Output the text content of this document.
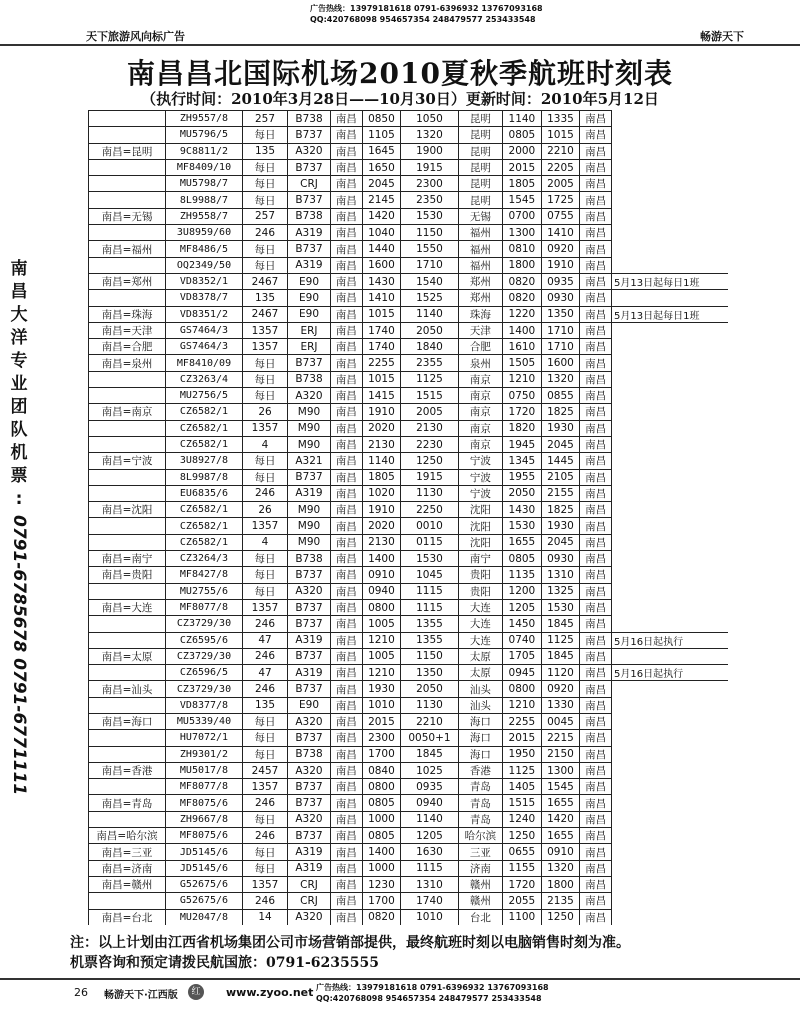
广告热线：13979181618 0791-6396932 13767093168
QQ:420768098 954657354 248479577 253433548
天下旅游风向标广告	畅游天下
南昌昌北国际机场2010夏秋季航班时刻表
（执行时间：2010年3月28日——10月30日）更新时间：2010年5月12日
南
昌
大
洋
专
业
团
队
机
票
:
0791-6785678 0791-6771111
	ZH9557/8	257	B738	南昌	0850	1050	昆明	1140	1335	南昌	
	MU5796/5	每日	B737	南昌	1105	1320	昆明	0805	1015	南昌	
南昌=昆明	9C8811/2	135	A320	南昌	1645	1900	昆明	2000	2210	南昌	
	MF8409/10	每日	B737	南昌	1650	1915	昆明	2015	2205	南昌	
	MU5798/7	每日	CRJ	南昌	2045	2300	昆明	1805	2005	南昌	
	8L9988/7	每日	B737	南昌	2145	2350	昆明	1545	1725	南昌	
南昌=无锡	ZH9558/7	257	B738	南昌	1420	1530	无锡	0700	0755	南昌	
	3U8959/60	246	A319	南昌	1040	1150	福州	1300	1410	南昌	
南昌=福州	MF8486/5	每日	B737	南昌	1440	1550	福州	0810	0920	南昌	
	OQ2349/50	每日	A319	南昌	1600	1710	福州	1800	1910	南昌	
南昌=郑州	VD8352/1	2467	E90	南昌	1430	1540	郑州	0820	0935	南昌	5月13日起每日1班
	VD8378/7	135	E90	南昌	1410	1525	郑州	0820	0930	南昌	
南昌=珠海	VD8351/2	2467	E90	南昌	1015	1140	珠海	1220	1350	南昌	5月13日起每日1班
南昌=天津	GS7464/3	1357	ERJ	南昌	1740	2050	天津	1400	1710	南昌	
南昌=合肥	GS7464/3	1357	ERJ	南昌	1740	1840	合肥	1610	1710	南昌	
南昌=泉州	MF8410/09	每日	B737	南昌	2255	2355	泉州	1505	1600	南昌	
	CZ3263/4	每日	B738	南昌	1015	1125	南京	1210	1320	南昌	
	MU2756/5	每日	A320	南昌	1415	1515	南京	0750	0855	南昌	
南昌=南京	CZ6582/1	26	M90	南昌	1910	2005	南京	1720	1825	南昌	
	CZ6582/1	1357	M90	南昌	2020	2130	南京	1820	1930	南昌	
	CZ6582/1	4	M90	南昌	2130	2230	南京	1945	2045	南昌	
南昌=宁波	3U8927/8	每日	A321	南昌	1140	1250	宁波	1345	1445	南昌	
	8L9987/8	每日	B737	南昌	1805	1915	宁波	1955	2105	南昌	
	EU6835/6	246	A319	南昌	1020	1130	宁波	2050	2155	南昌	
南昌=沈阳	CZ6582/1	26	M90	南昌	1910	2250	沈阳	1430	1825	南昌	
	CZ6582/1	1357	M90	南昌	2020	0010	沈阳	1530	1930	南昌	
	CZ6582/1	4	M90	南昌	2130	0115	沈阳	1655	2045	南昌	
南昌=南宁	CZ3264/3	每日	B738	南昌	1400	1530	南宁	0805	0930	南昌	
南昌=贵阳	MF8427/8	每日	B737	南昌	0910	1045	贵阳	1135	1310	南昌	
	MU2755/6	每日	A320	南昌	0940	1115	贵阳	1200	1325	南昌	
南昌=大连	MF8077/8	1357	B737	南昌	0800	1115	大连	1205	1530	南昌	
	CZ3729/30	246	B737	南昌	1005	1355	大连	1450	1845	南昌	
	CZ6595/6	47	A319	南昌	1210	1355	大连	0740	1125	南昌	5月16日起执行
南昌=太原	CZ3729/30	246	B737	南昌	1005	1150	太原	1705	1845	南昌	
	CZ6596/5	47	A319	南昌	1210	1350	太原	0945	1120	南昌	5月16日起执行
南昌=汕头	CZ3729/30	246	B737	南昌	1930	2050	汕头	0800	0920	南昌	
	VD8377/8	135	E90	南昌	1010	1130	汕头	1210	1330	南昌	
南昌=海口	MU5339/40	每日	A320	南昌	2015	2210	海口	2255	0045	南昌	
	HU7072/1	每日	B737	南昌	2300	0050+1	海口	2015	2215	南昌	
	ZH9301/2	每日	B738	南昌	1700	1845	海口	1950	2150	南昌	
南昌=香港	MU5017/8	2457	A320	南昌	0840	1025	香港	1125	1300	南昌	
	MF8077/8	1357	B737	南昌	0800	0935	青岛	1405	1545	南昌	
南昌=青岛	MF8075/6	246	B737	南昌	0805	0940	青岛	1515	1655	南昌	
	ZH9667/8	每日	A320	南昌	1000	1140	青岛	1240	1420	南昌	
南昌=哈尔滨	MF8075/6	246	B737	南昌	0805	1205	哈尔滨	1250	1655	南昌	
南昌=三亚	JD5145/6	每日	A319	南昌	1400	1630	三亚	0655	0910	南昌	
南昌=济南	JD5145/6	每日	A319	南昌	1000	1115	济南	1155	1320	南昌	
南昌=赣州	G52675/6	1357	CRJ	南昌	1230	1310	赣州	1720	1800	南昌	
	G52675/6	246	CRJ	南昌	1700	1740	赣州	2055	2135	南昌	
南昌=台北	MU2047/8	14	A320	南昌	0820	1010	台北	1100	1250	南昌	

注：以上计划由江西省机场集团公司市场营销部提供，最终航班时刻以电脑销售时刻为准。
机票咨询和预定请拨民航国旅：0791-6235555
26 畅游天下·江西版	www.zyoo.net 广告热线：13979181618 0791-6396932 13767093168
QQ:420768098 954657354 248479577 253433548
红
